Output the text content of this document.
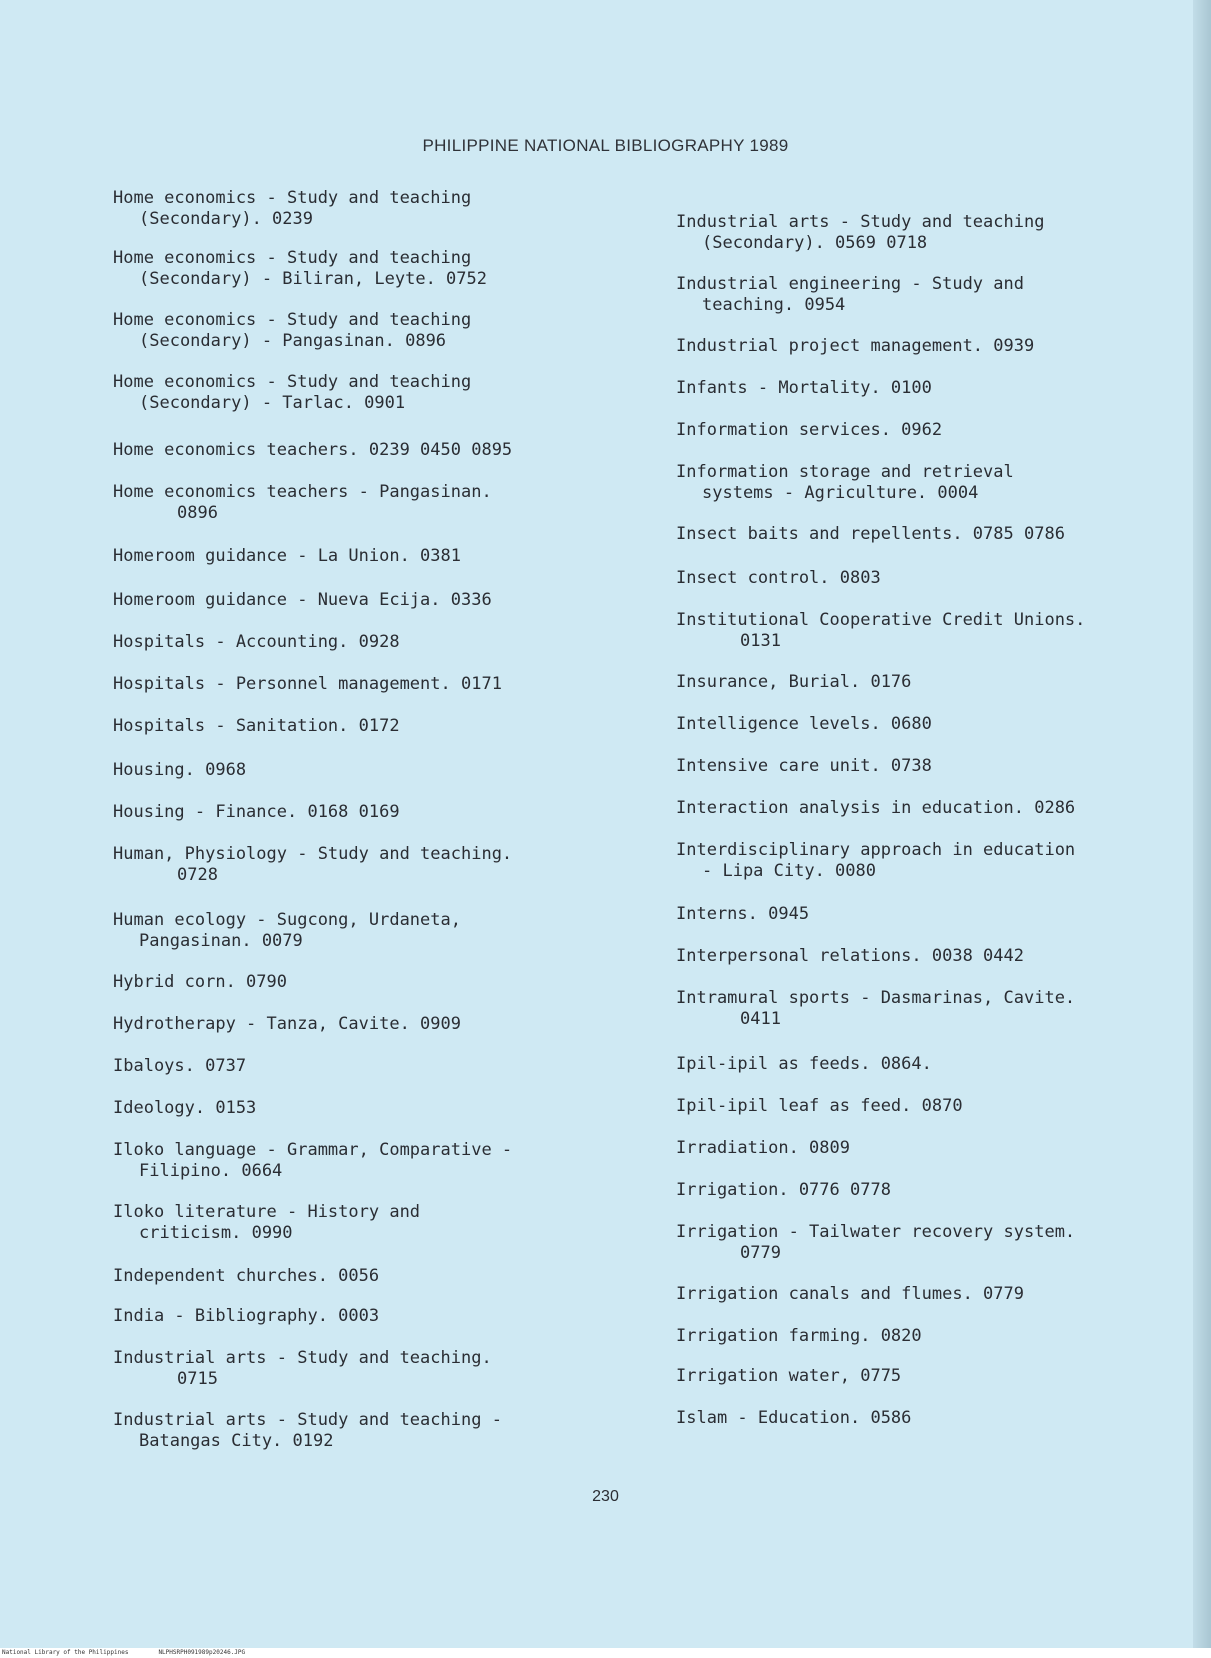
PHILIPPINE NATIONAL BIBLIOGRAPHY 1989
Home economics - Study and teaching
(Secondary). 0239
Home economics - Study and teaching
(Secondary) - Biliran, Leyte. 0752
Home economics - Study and teaching
(Secondary) - Pangasinan. 0896
Home economics - Study and teaching
(Secondary) - Tarlac. 0901
Home economics teachers. 0239 0450 0895
Home economics teachers - Pangasinan.
0896
Homeroom guidance - La Union. 0381
Homeroom guidance - Nueva Ecija. 0336
Hospitals - Accounting. 0928
Hospitals - Personnel management. 0171
Hospitals - Sanitation. 0172
Housing. 0968
Housing - Finance. 0168 0169
Human, Physiology - Study and teaching.
0728
Human ecology - Sugcong, Urdaneta,
Pangasinan. 0079
Hybrid corn. 0790
Hydrotherapy - Tanza, Cavite. 0909
Ibaloys. 0737
Ideology. 0153
Iloko language - Grammar, Comparative -
Filipino. 0664
Iloko literature - History and
criticism. 0990
Independent churches. 0056
India - Bibliography. 0003
Industrial arts - Study and teaching.
0715
Industrial arts - Study and teaching -
Batangas City. 0192
Industrial arts - Study and teaching
(Secondary). 0569 0718
Industrial engineering - Study and
teaching. 0954
Industrial project management. 0939
Infants - Mortality. 0100
Information services. 0962
Information storage and retrieval
systems - Agriculture. 0004
Insect baits and repellents. 0785 0786
Insect control. 0803
Institutional Cooperative Credit Unions.
0131
Insurance, Burial. 0176
Intelligence levels. 0680
Intensive care unit. 0738
Interaction analysis in education. 0286
Interdisciplinary approach in education
- Lipa City. 0080
Interns. 0945
Interpersonal relations. 0038 0442
Intramural sports - Dasmarinas, Cavite.
0411
Ipil-ipil as feeds. 0864.
Ipil-ipil leaf as feed. 0870
Irradiation. 0809
Irrigation. 0776 0778
Irrigation - Tailwater recovery system.
0779
Irrigation canals and flumes. 0779
Irrigation farming. 0820
Irrigation water, 0775
Islam - Education. 0586
230
National Library of the Philippines	NLPHSRPH091989p20246.JPG
